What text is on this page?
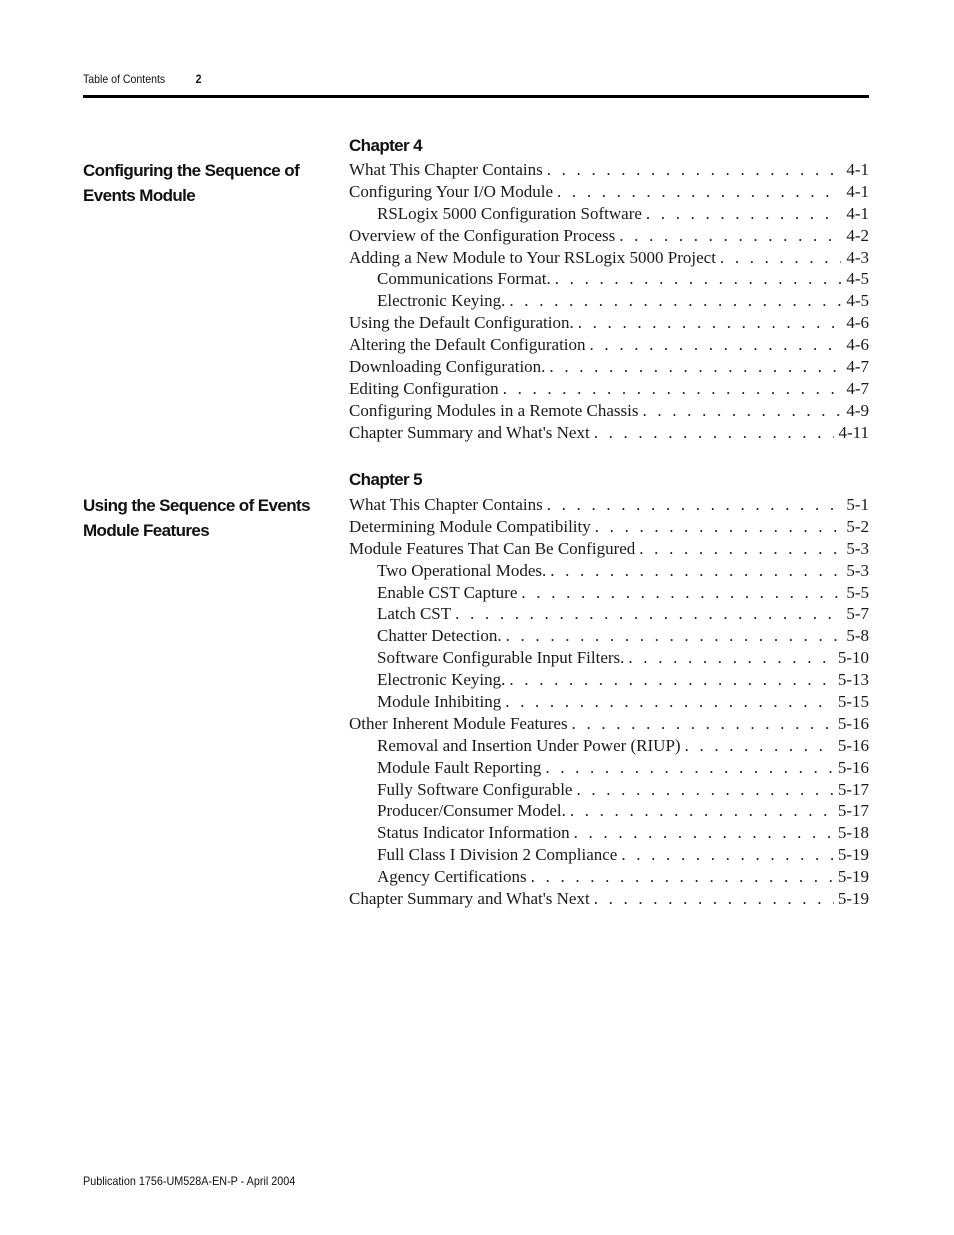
Table of Contents	2
Chapter 4
Configuring the Sequence of
Events Module
What This Chapter Contains . . .	4-1
Configuring Your I/O Module . . .	4-1
RSLogix 5000 Configuration Software . . .	4-1
Overview of the Configuration Process . . .	4-2
Adding a New Module to Your RSLogix 5000 Project . . .	4-3
Communications Format. . . .	4-5
Electronic Keying. . . .	4-5
Using the Default Configuration. . . .	4-6
Altering the Default Configuration . . .	4-6
Downloading Configuration. . . .	4-7
Editing Configuration . . .	4-7
Configuring Modules in a Remote Chassis . . .	4-9
Chapter Summary and What's Next . . .	4-11
Chapter 5
Using the Sequence of Events
Module Features
What This Chapter Contains . . .	5-1
Determining Module Compatibility . . .	5-2
Module Features That Can Be Configured . . .	5-3
Two Operational Modes. . . .	5-3
Enable CST Capture . . .	5-5
Latch CST . . .	5-7
Chatter Detection. . . .	5-8
Software Configurable Input Filters. . . .	5-10
Electronic Keying. . . .	5-13
Module Inhibiting . . .	5-15
Other Inherent Module Features . . .	5-16
Removal and Insertion Under Power (RIUP) . . .	5-16
Module Fault Reporting . . .	5-16
Fully Software Configurable . . .	5-17
Producer/Consumer Model. . . .	5-17
Status Indicator Information . . .	5-18
Full Class I Division 2 Compliance . . .	5-19
Agency Certifications . . .	5-19
Chapter Summary and What's Next . . .	5-19
Publication 1756-UM528A-EN-P - April 2004
